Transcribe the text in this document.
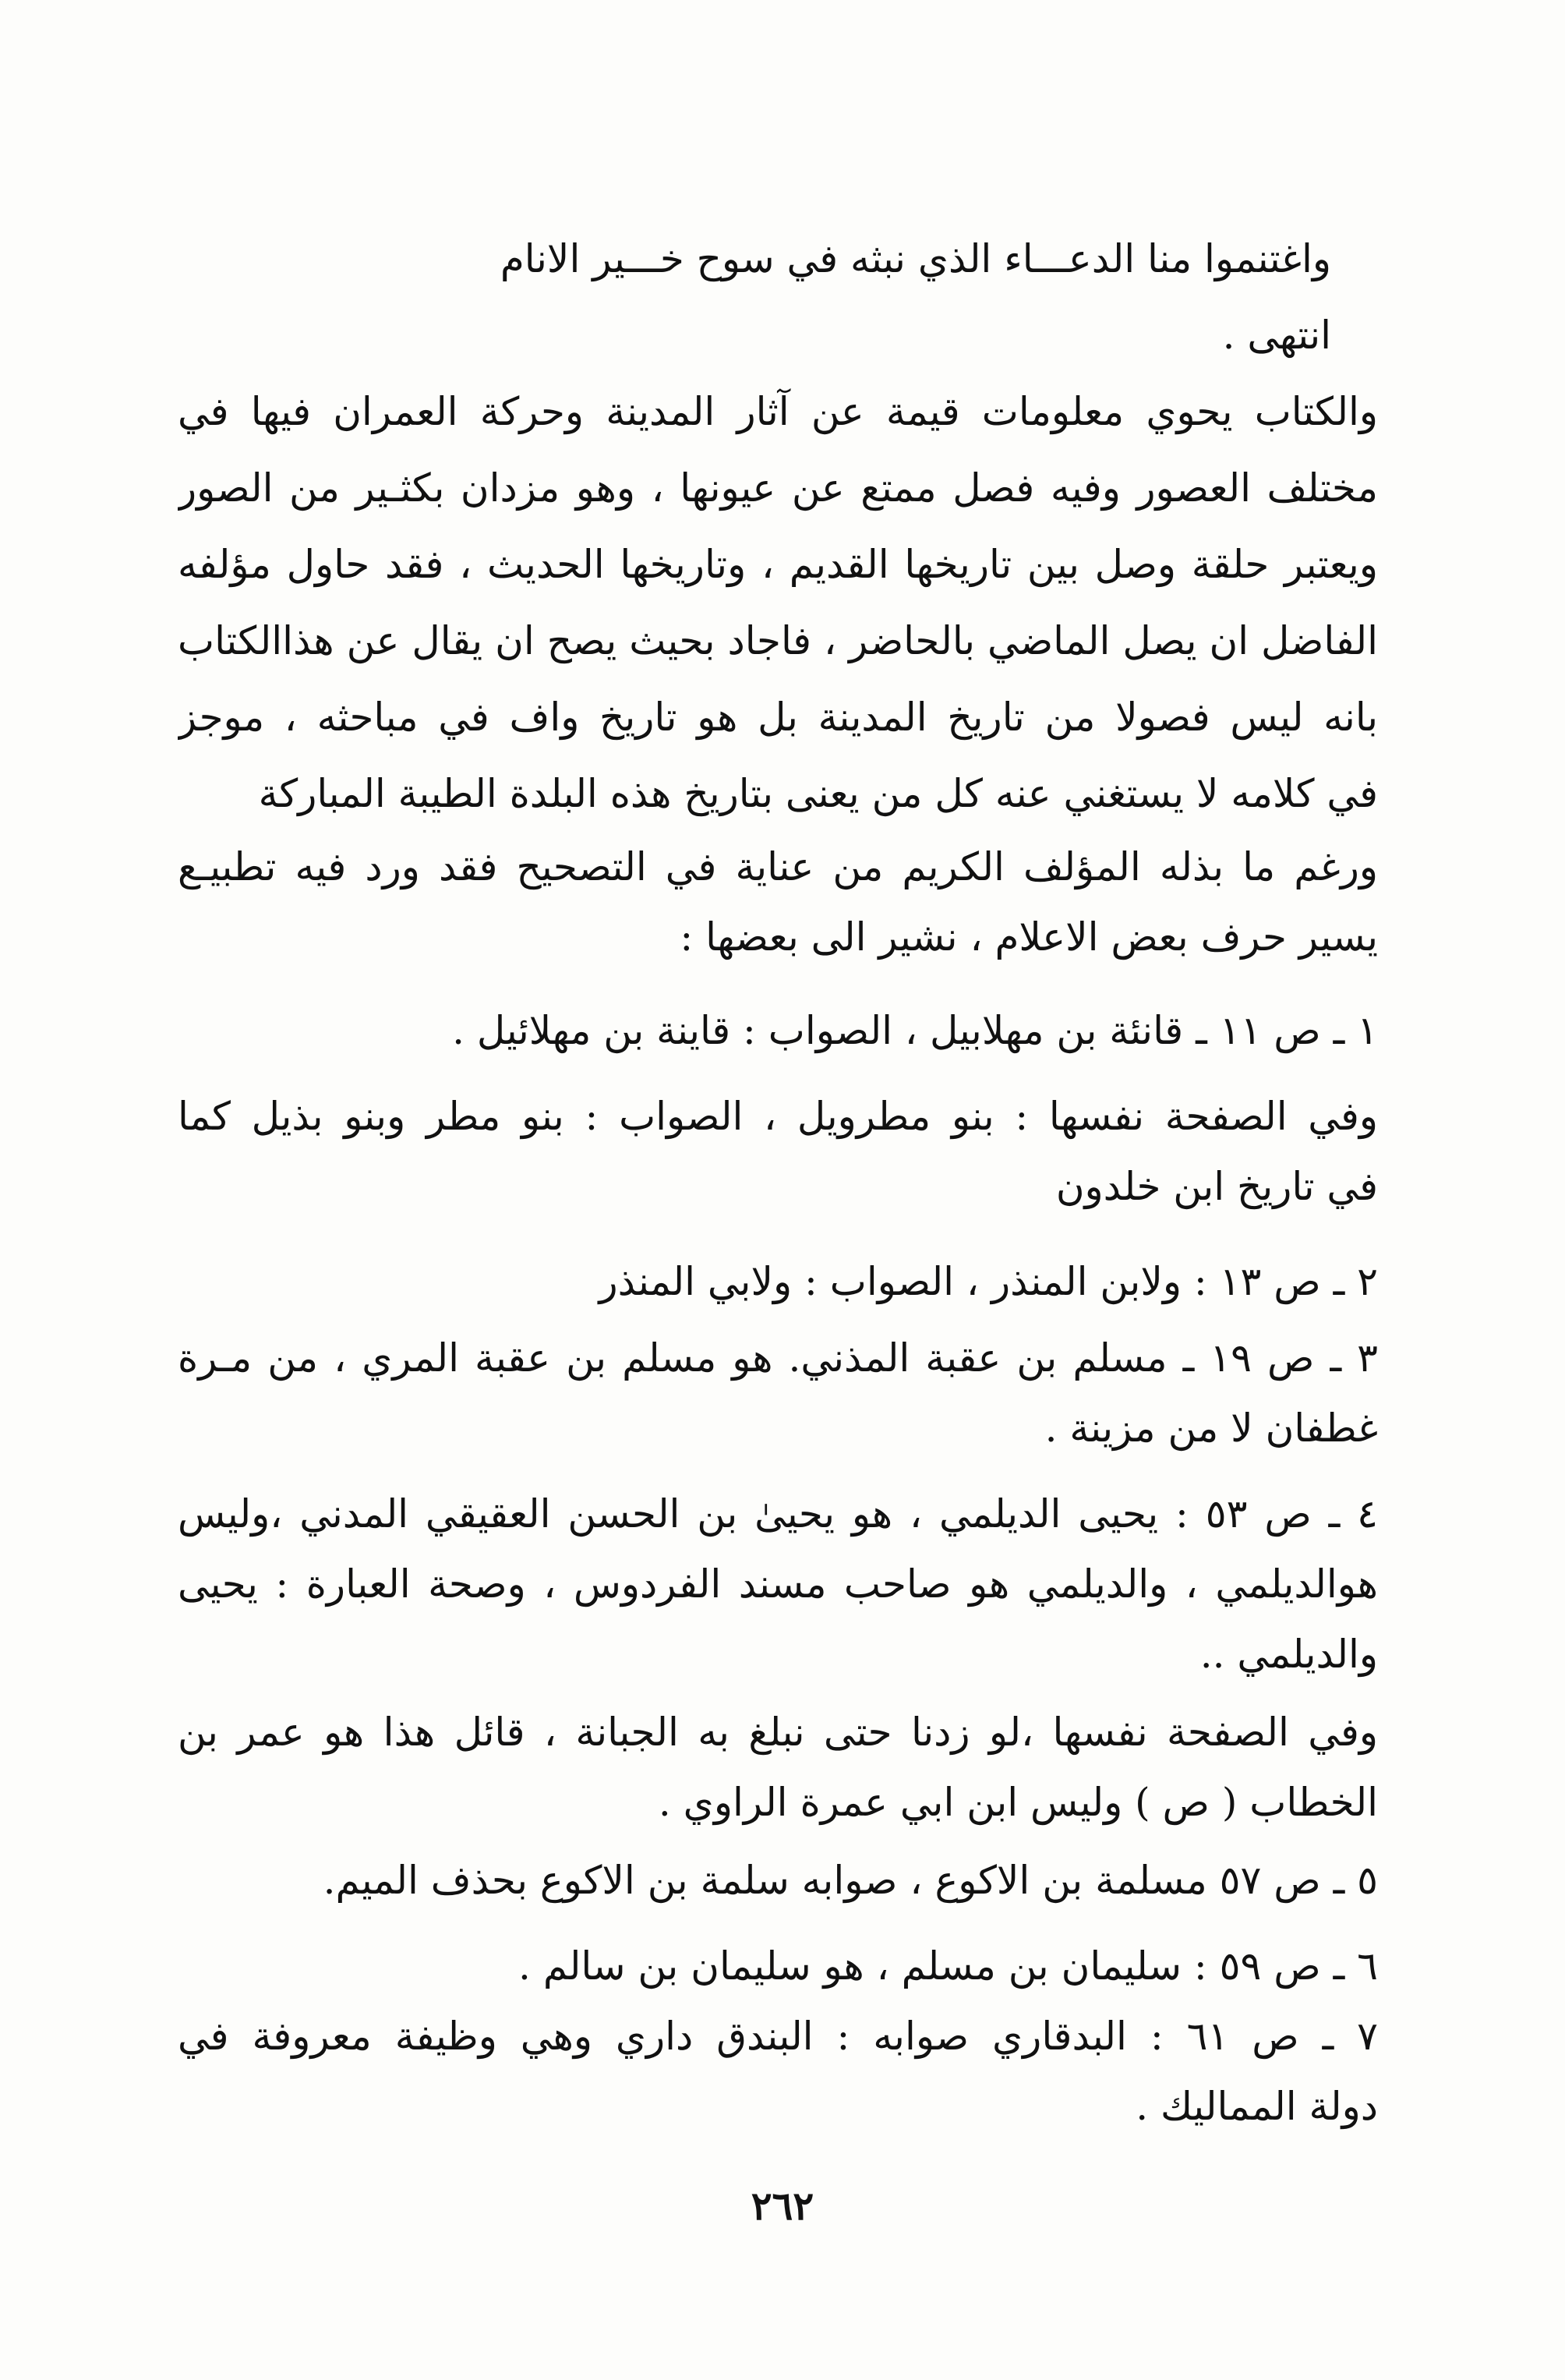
واغتنموا منا الدعـــاء الذي نبثه في سوح خـــير الانام
انتهى .
والكتاب يحوي معلومات قيمة عن آثار المدينة وحركة العمران فيها في
مختلف العصور وفيه فصل ممتع عن عيونها ، وهو مزدان بكثـير من الصور
ويعتبر حلقة وصل بين تاريخها القديم ، وتاريخها الحديث ، فقد حاول مؤلفه
الفاضل ان يصل الماضي بالحاضر ، فاجاد بحيث يصح ان يقال عن هذاالكتاب
بانه ليس فصولا من تاريخ المدينة بل هو تاريخ واف في مباحثه ، موجز
في كلامه لا يستغني عنه كل من يعنى بتاريخ هذه البلدة الطيبة المباركة
ورغم ما بذله المؤلف الكريم من عناية في التصحيح فقد ورد فيه تطبيـع
يسير حرف بعض الاعلام ، نشير الى بعضها :
١ ـ ص ١١ ـ قانئة بن مهلابيل ، الصواب : قاينة بن مهلائيل .
وفي الصفحة نفسها : بنو مطرويل ، الصواب : بنو مطر وبنو بذيل كما
في تاريخ ابن خلدون
٢ ـ ص ١٣ : ولابن المنذر ، الصواب : ولابي المنذر
٣ ـ ص ١٩ ـ مسلم بن عقبة المذني. هو مسلم بن عقبة المري ، من مـرة
غطفان لا من مزينة .
٤ ـ ص ٥٣ : يحيى الديلمي ، هو يحيىٰ بن الحسن العقيقي المدني ،وليس
هوالديلمي ، والديلمي هو صاحب مسند الفردوس ، وصحة العبارة : يحيى
والديلمي ..
وفي الصفحة نفسها ،لو زدنا حتى نبلغ به الجبانة ، قائل هذا هو عمر بن
الخطاب ( ص ) وليس ابن ابي عمرة الراوي .
٥ ـ ص ٥٧ مسلمة بن الاكوع ، صوابه سلمة بن الاكوع بحذف الميم.
٦ ـ ص ٥٩ : سليمان بن مسلم ، هو سليمان بن سالم .
٧ ـ ص ٦١ : البدقاري صوابه : البندق داري وهي وظيفة معروفة في
دولة المماليك .
٢٦٢
